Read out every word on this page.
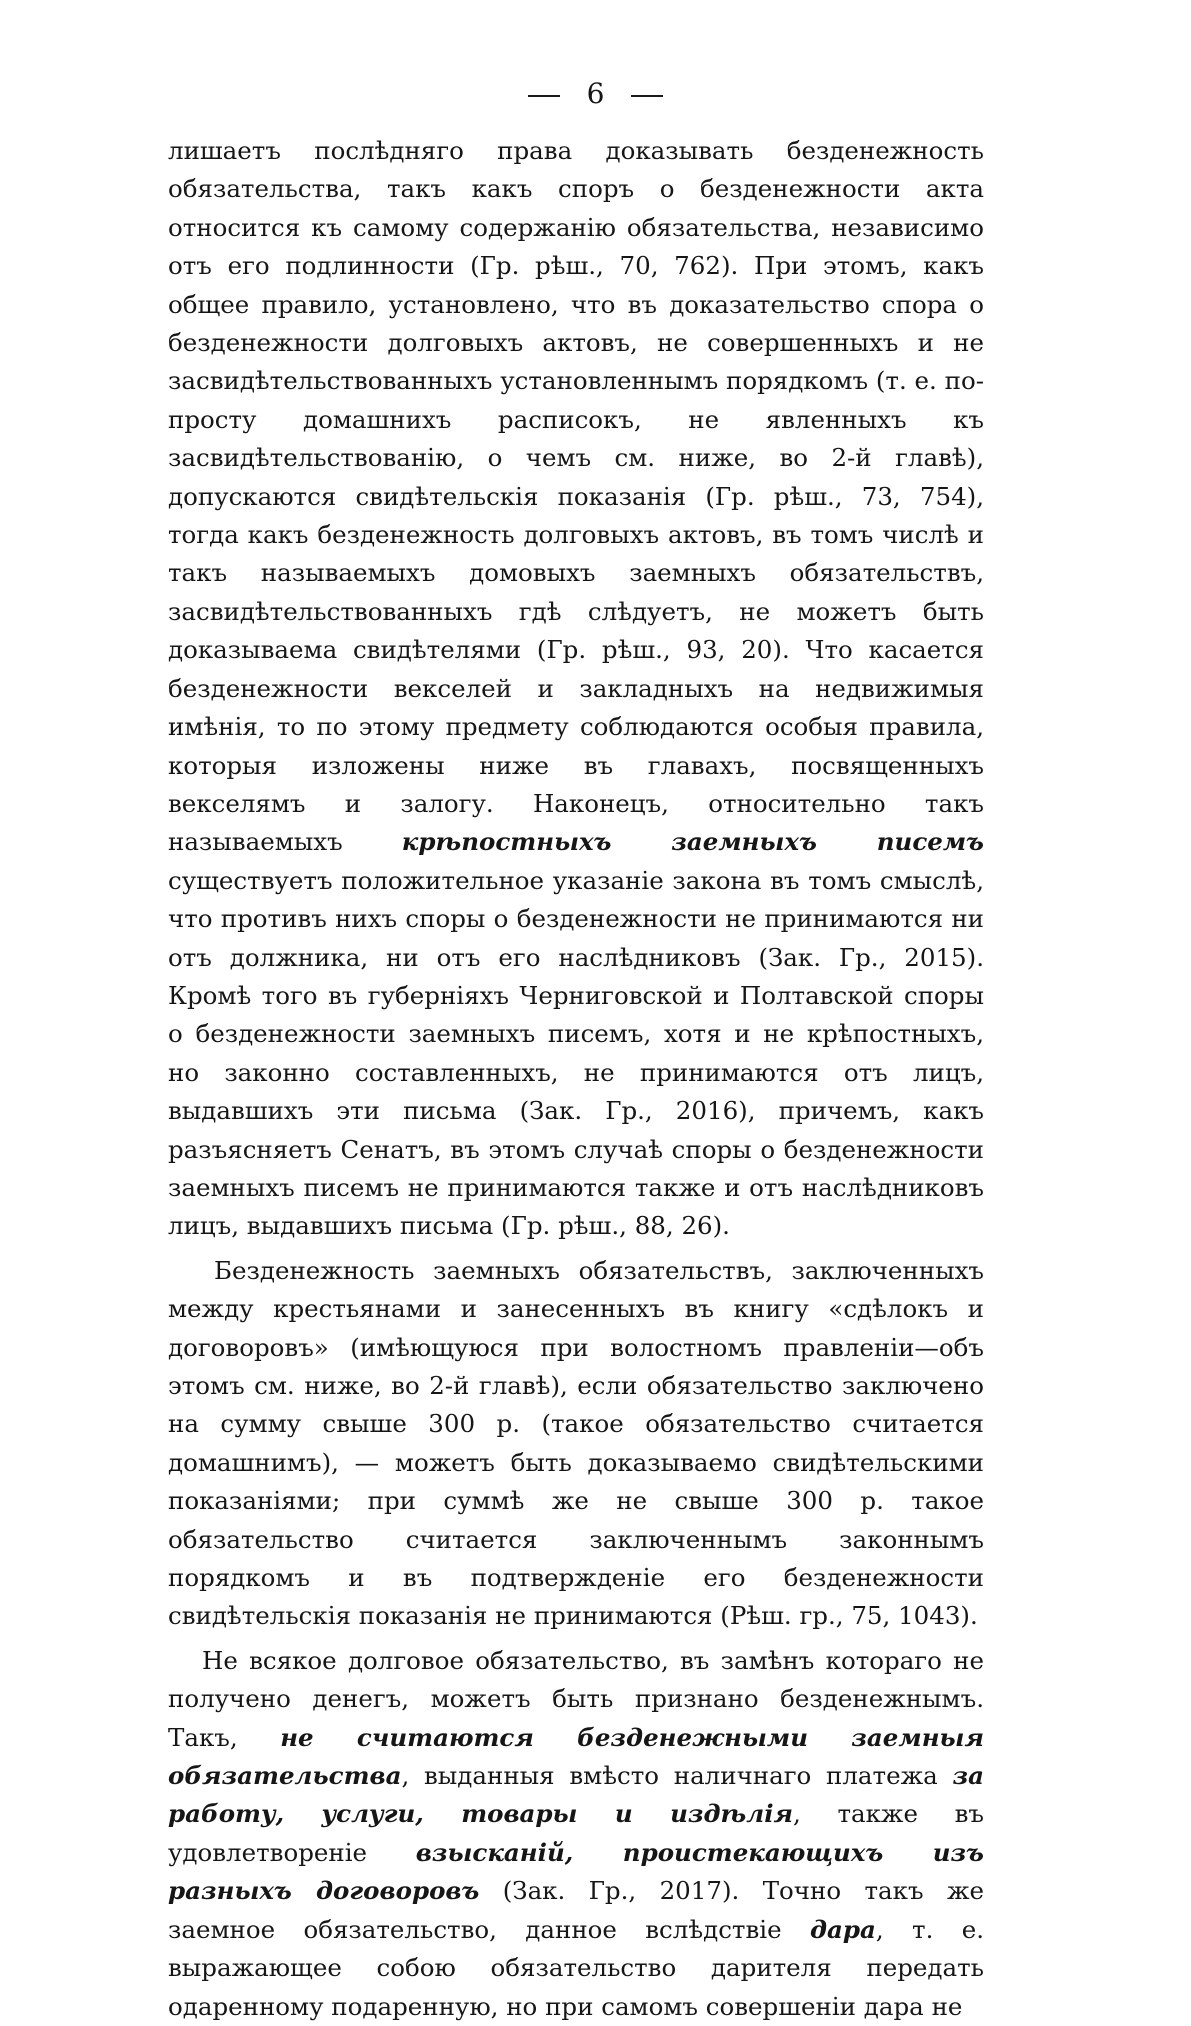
6

лишаетъ послѣдняго права доказывать безденежность обязательства, такъ какъ споръ о безденежности акта относится къ самому содержанію обязательства, независимо отъ его подлинности (Гр. рѣш., 70, 762). При этомъ, какъ общее правило, установлено, что въ доказательство спора о безденежности долговыхъ актовъ, не совершенныхъ и не засвидѣтельствованныхъ установленнымъ порядкомъ (т. е. по-просту домашнихъ расписокъ, не явленныхъ къ засвидѣтельствованію, о чемъ см. ниже, во 2-й главѣ), допускаются свидѣтельскія показанія (Гр. рѣш., 73, 754), тогда какъ безденежность долговыхъ актовъ, въ томъ числѣ и такъ называемыхъ домовыхъ заемныхъ обязательствъ, засвидѣтельствованныхъ гдѣ слѣдуетъ, не можетъ быть доказываема свидѣтелями (Гр. рѣш., 93, 20). Что касается безденежности векселей и закладныхъ на недвижимыя имѣнія, то по этому предмету соблюдаются особыя правила, которыя изложены ниже въ главахъ, посвященныхъ векселямъ и залогу. Наконецъ, относительно такъ называемыхъ крѣпостныхъ заемныхъ писемъ существуетъ положительное указаніе закона въ томъ смыслѣ, что противъ нихъ споры о безденежности не принимаются ни отъ должника, ни отъ его наслѣдниковъ (Зак. Гр., 2015). Кромѣ того въ губерніяхъ Черниговской и Полтавской споры о безденежности заемныхъ писемъ, хотя и не крѣпостныхъ, но законно составленныхъ, не принимаются отъ лицъ, выдавшихъ эти письма (Зак. Гр., 2016), причемъ, какъ разъясняетъ Сенатъ, въ этомъ случаѣ споры о безденежности заемныхъ писемъ не принимаются также и отъ наслѣдниковъ лицъ, выдавшихъ письма (Гр. рѣш., 88, 26).

Безденежность заемныхъ обязательствъ, заключенныхъ между крестьянами и занесенныхъ въ книгу «сдѣлокъ и договоровъ» (имѣющуюся при волостномъ правленіи—объ этомъ см. ниже, во 2-й главѣ), если обязательство заключено на сумму свыше 300 р. (такое обязательство считается домашнимъ), — можетъ быть доказываемо свидѣтельскими показаніями; при суммѣ же не свыше 300 р. такое обязательство считается заключеннымъ законнымъ порядкомъ и въ подтвержденіе его безденежности свидѣтельскія показанія не принимаются (Рѣш. гр., 75, 1043).

Не всякое долговое обязательство, въ замѣнъ котораго не получено денегъ, можетъ быть признано безденежнымъ. Такъ, не считаются безденежными заемныя обязательства, выданныя вмѣсто наличнаго платежа за работу, услуги, товары и издѣлія, также въ удовлетвореніе взысканій, проистекающихъ изъ разныхъ договоровъ (Зак. Гр., 2017). Точно такъ же заемное обязательство, данное вслѣдствіе дара, т. е. выражающее собою обязательство дарителя передать одаренному подаренную, но при самомъ совершеніи дара не
